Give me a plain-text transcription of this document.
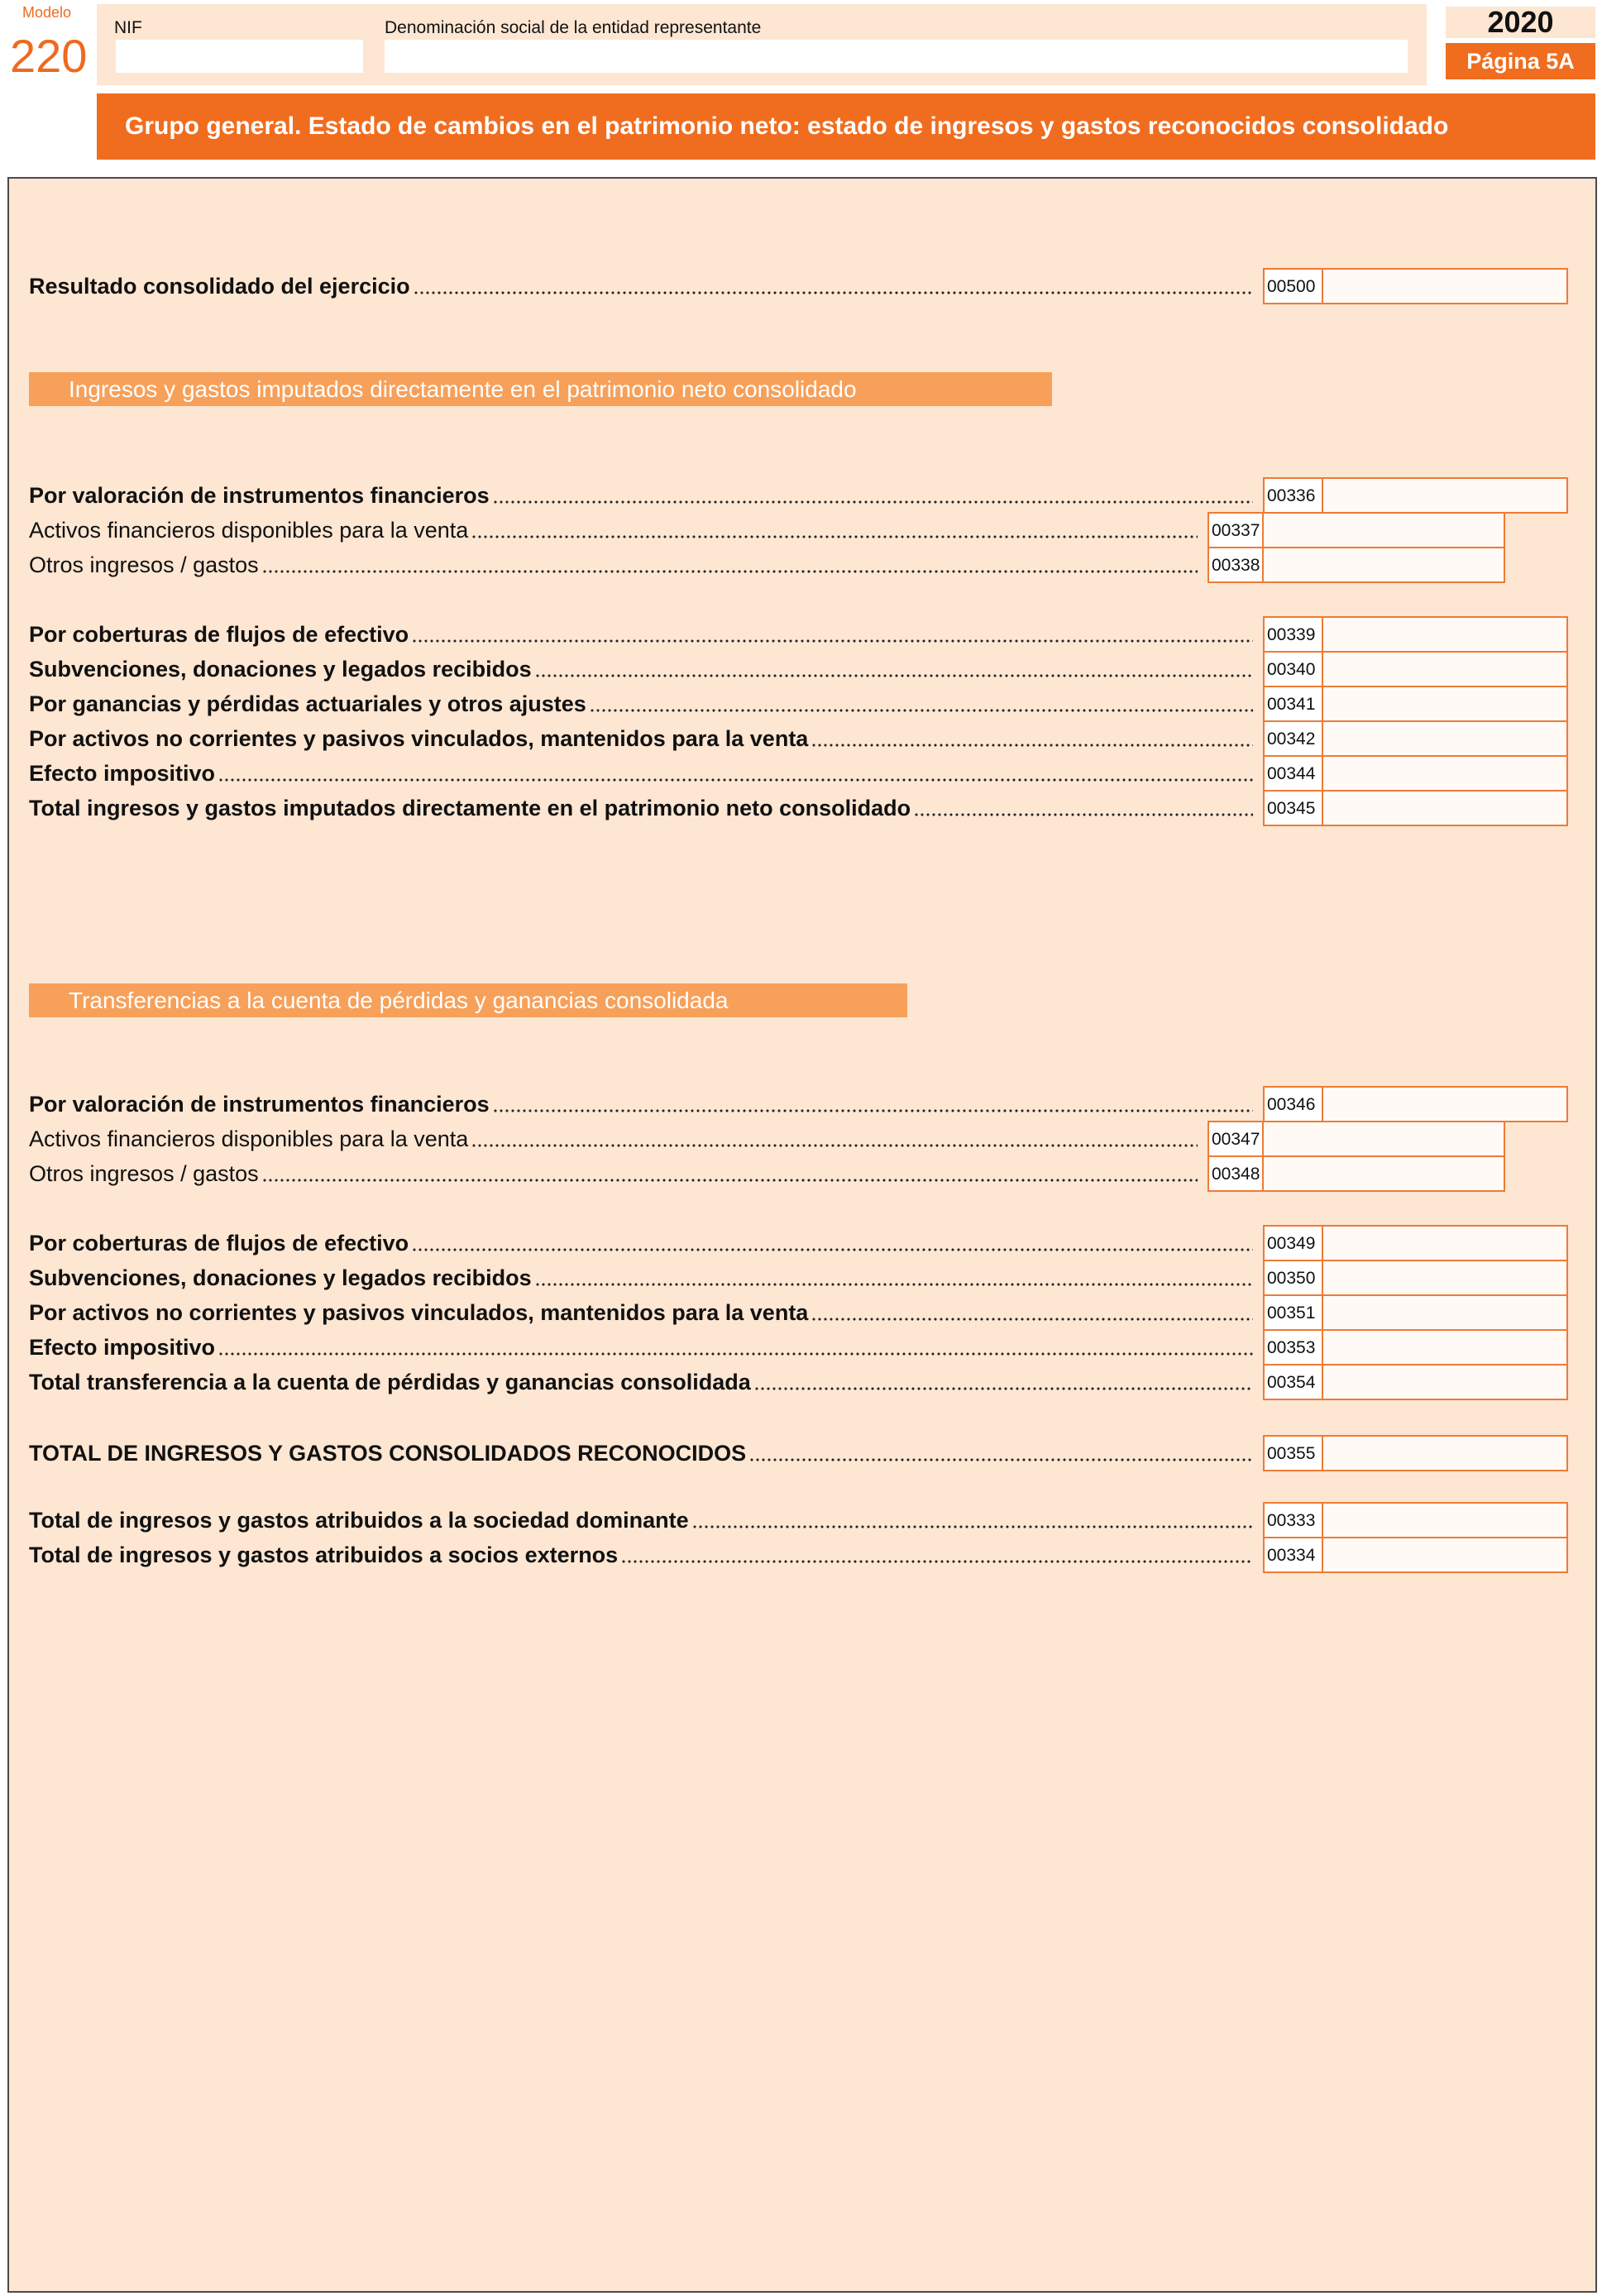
Modelo
220
NIF	Denominación social de la entidad representante	2020
Página 5A
Grupo general. Estado de cambios en el patrimonio neto: estado de ingresos y gastos reconocidos consolidado
Resultado consolidado del ejercicio	00500
Ingresos y gastos imputados directamente en el patrimonio neto consolidado
Por valoración de instrumentos financieros	00336
Activos financieros disponibles para la venta	00337
Otros ingresos / gastos	00338
Por coberturas de flujos de efectivo	00339
Subvenciones, donaciones y legados recibidos	00340
Por ganancias y pérdidas actuariales y otros ajustes	00341
Por activos no corrientes y pasivos vinculados, mantenidos para la venta	00342
Efecto impositivo	00344
Total ingresos y gastos imputados directamente en el patrimonio neto consolidado	00345
Transferencias a la cuenta de pérdidas y ganancias consolidada
Por valoración de instrumentos financieros	00346
Activos financieros disponibles para la venta	00347
Otros ingresos / gastos	00348
Por coberturas de flujos de efectivo	00349
Subvenciones, donaciones y legados recibidos	00350
Por activos no corrientes y pasivos vinculados, mantenidos para la venta	00351
Efecto impositivo	00353
Total transferencia a la cuenta de pérdidas y ganancias consolidada	00354
TOTAL DE INGRESOS Y GASTOS CONSOLIDADOS RECONOCIDOS	00355
Total de ingresos y gastos atribuidos a la sociedad dominante	00333
Total de ingresos y gastos atribuidos a socios externos	00334
